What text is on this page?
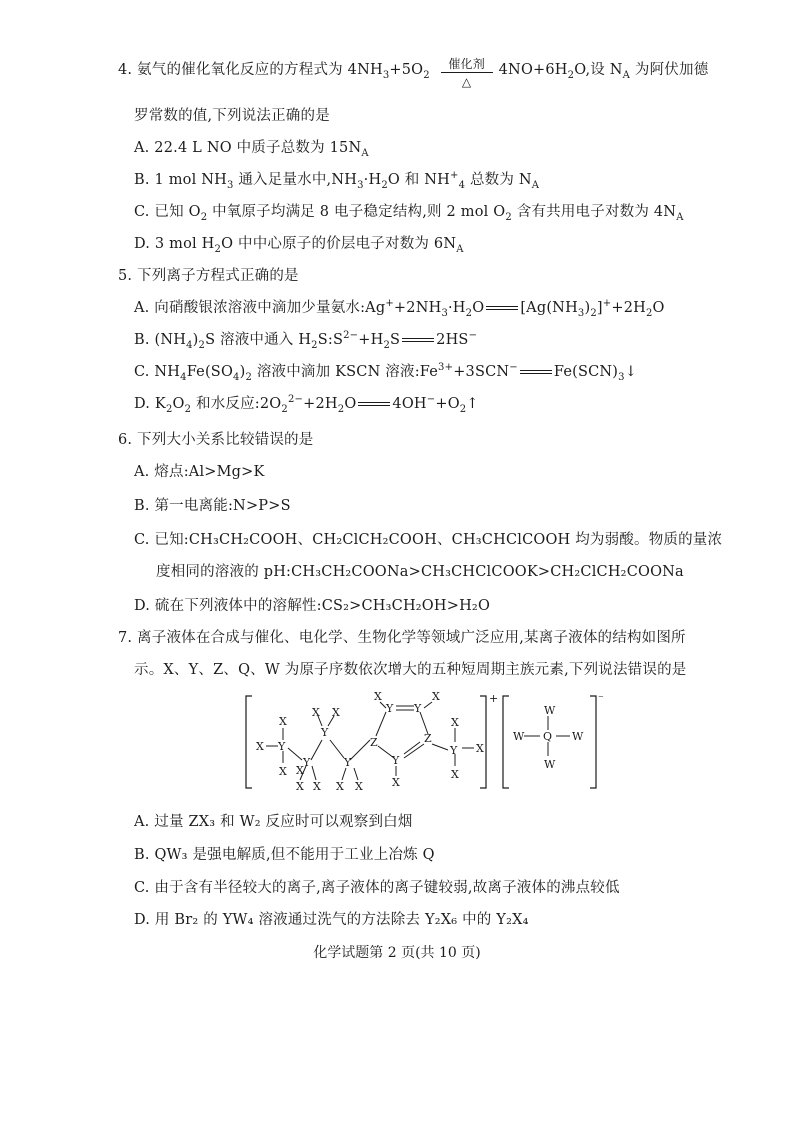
4. 氨气的催化氧化反应的方程式为 $4NH_3+5O_2$
催化剂
△
$4NO+6H_2O$,设 $N_A$ 为阿伏加德
罗常数的值,下列说法正确的是
A. 22.4 L NO 中质子总数为 $15N_A$
B. 1 mol $NH_3$ 通入足量水中$,NH_3\cdot H_2O$ 和 $NH^+_4$ 总数为 $N_A$
C. 已知 $O_2$ 中氧原子均满足 8 电子稳定结构,则 2 mol $O_2$ 含有共用电子对数为 $4N_A$
D. 3 mol $H_2O$ 中中心原子的价层电子对数为 $6N_A$
5. 下列离子方程式正确的是
A. 向硝酸银浓溶液中滴加少量氨水$:Ag^++2NH_3\cdot H_2O$ $[Ag(NH_3)_2]^++2H_2O$
B. $(NH_4)_2S$ 溶液中通入 $H_2S:S^{2-}+H_2S$ 2HS−
C. $NH_4Fe(SO_4)_2$ 溶液中滴加 KSCN 溶液$:Fe^{3+}+3SCN^-$ $Fe(SCN)_3↓$
D. $K_2O_2$ 和水反应$:2O_2^{2-}+2H_2O$ $4OH^-+O_2↑$
6. 下列大小关系比较错误的是
A. 熔点:Al>Mg>K
B. 第一电离能:N>P>S
C. 已知:CH₃CH₂COOH、CH₂ClCH₂COOH、CH₃CHClCOOH 均为弱酸。物质的量浓
度相同的溶液的 pH:CH₃CH₂COONa>CH₃CHClCOOK>CH₂ClCH₂COONa
D. 硫在下列液体中的溶解性:CS₂>CH₃CH₂OH>H₂O
7. 离子液体在合成与催化、电化学、生物化学等领域广泛应用,某离子液体的结构如图所
示。X、Y、Z、Q、W 为原子序数依次增大的五种短周期主族元素,下列说法错误的是
+	⁻
X Y
X
X X
Y
X X
Y
X X
Y
X X
Z
X
Y Y
X
Z
Y
X
Y
X
X
X
W
W Q W
W
A. 过量 ZX₃ 和 W₂ 反应时可以观察到白烟
B. QW₃ 是强电解质,但不能用于工业上冶炼 Q
C. 由于含有半径较大的离子,离子液体的离子键较弱,故离子液体的沸点较低
D. 用 Br₂ 的 YW₄ 溶液通过洗气的方法除去 Y₂X₆ 中的 Y₂X₄
化学试题第 2 页(共 10 页)
